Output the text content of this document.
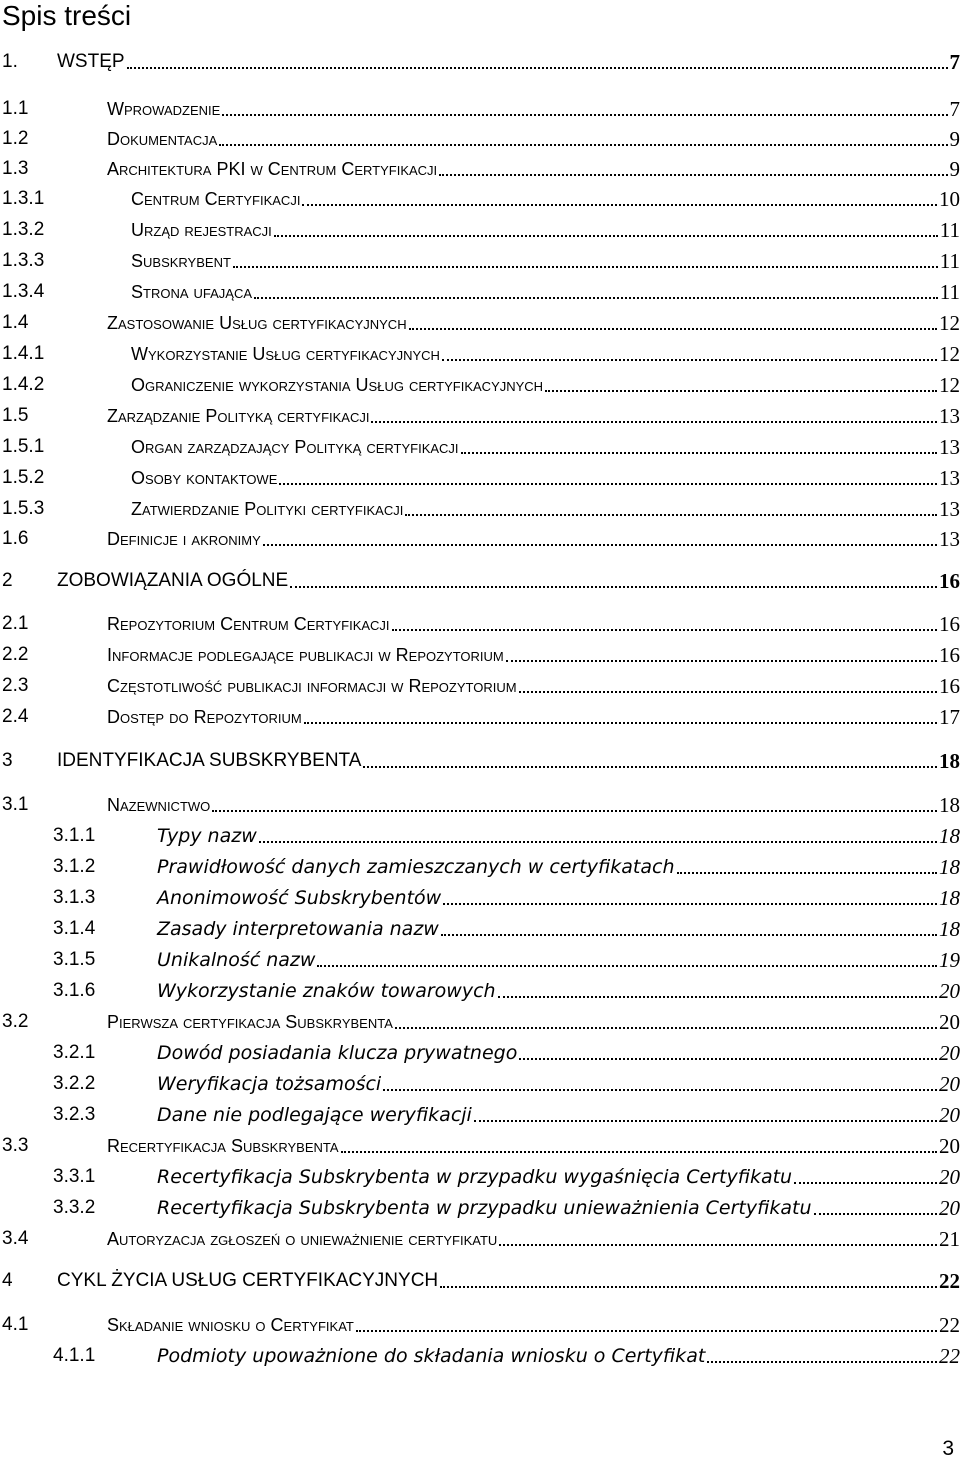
Spis treści
1. WSTĘP	7
1.1	Wprowadzenie	7
1.2	Dokumentacja	9
1.3	Architektura PKI w Centrum Certyfikacji	9
1.3.1	Centrum Certyfikacji	10
1.3.2	Urząd rejestracji	11
1.3.3	Subskrybent	11
1.3.4	Strona ufająca	11
1.4	Zastosowanie Usług certyfikacyjnych	12
1.4.1	Wykorzystanie Usług certyfikacyjnych	12
1.4.2	Ograniczenie wykorzystania Usług certyfikacyjnych	12
1.5	Zarządzanie Polityką certyfikacji	13
1.5.1	Organ zarządzający Polityką certyfikacji	13
1.5.2	Osoby kontaktowe	13
1.5.3	Zatwierdzanie Polityki certyfikacji	13
1.6	Definicje i akronimy	13
2 ZOBOWIĄZANIA OGÓLNE	16
2.1	Repozytorium Centrum Certyfikacji	16
2.2	Informacje podlegające publikacji w Repozytorium	16
2.3	Częstotliwość publikacji informacji w Repozytorium	16
2.4	Dostęp do Repozytorium	17
3 IDENTYFIKACJA SUBSKRYBENTA	18
3.1	Nazewnictwo	18
3.1.1	Typy nazw	18
3.1.2	Prawidłowość danych zamieszczanych w certyfikatach	18
3.1.3	Anonimowość Subskrybentów	18
3.1.4	Zasady interpretowania nazw	18
3.1.5	Unikalność nazw	19
3.1.6	Wykorzystanie znaków towarowych	20
3.2	Pierwsza certyfikacja Subskrybenta	20
3.2.1	Dowód posiadania klucza prywatnego	20
3.2.2	Weryfikacja tożsamości	20
3.2.3	Dane nie podlegające weryfikacji	20
3.3	Recertyfikacja Subskrybenta	20
3.3.1	Recertyfikacja Subskrybenta w przypadku wygaśnięcia Certyfikatu	20
3.3.2	Recertyfikacja Subskrybenta w przypadku unieważnienia Certyfikatu	20
3.4	Autoryzacja zgłoszeń o unieważnienie certyfikatu	21
4 CYKL ŻYCIA USŁUG CERTYFIKACYJNYCH	22
4.1	Składanie wniosku o Certyfikat	22
4.1.1	Podmioty upoważnione do składania wniosku o Certyfikat	22
3
